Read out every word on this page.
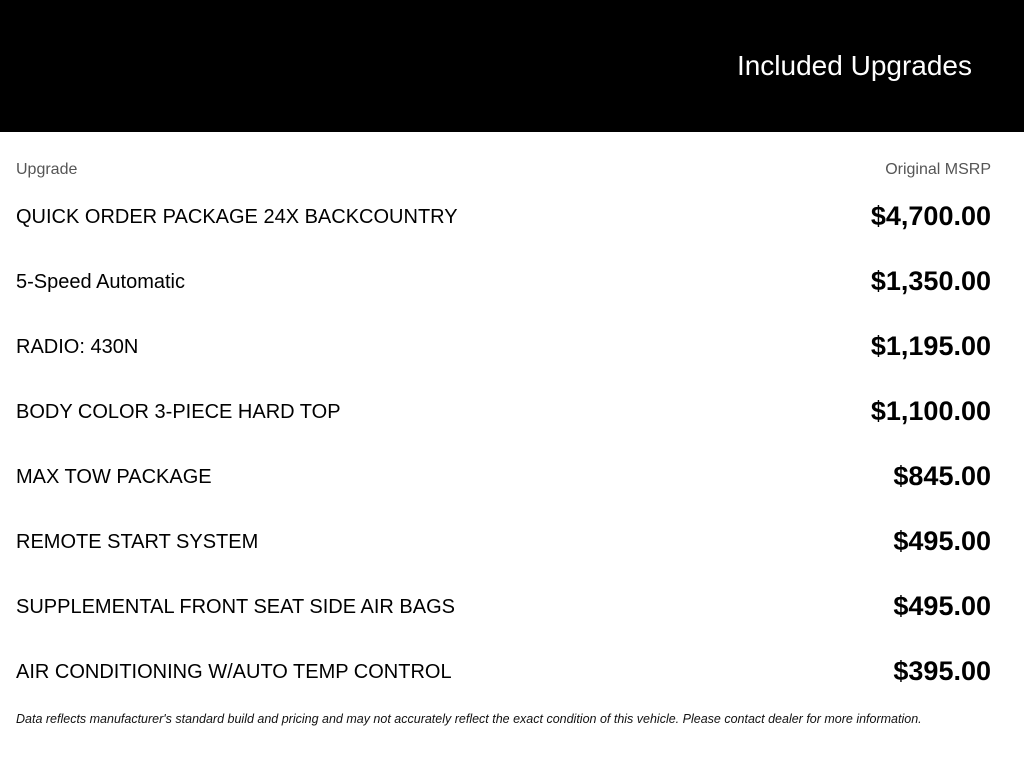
Included Upgrades
Upgrade	Original MSRP
QUICK ORDER PACKAGE 24X BACKCOUNTRY	$4,700.00
5-Speed Automatic	$1,350.00
RADIO: 430N	$1,195.00
BODY COLOR 3-PIECE HARD TOP	$1,100.00
MAX TOW PACKAGE	$845.00
REMOTE START SYSTEM	$495.00
SUPPLEMENTAL FRONT SEAT SIDE AIR BAGS	$495.00
AIR CONDITIONING W/AUTO TEMP CONTROL	$395.00
Data reflects manufacturer's standard build and pricing and may not accurately reflect the exact condition of this vehicle. Please contact dealer for more information.
